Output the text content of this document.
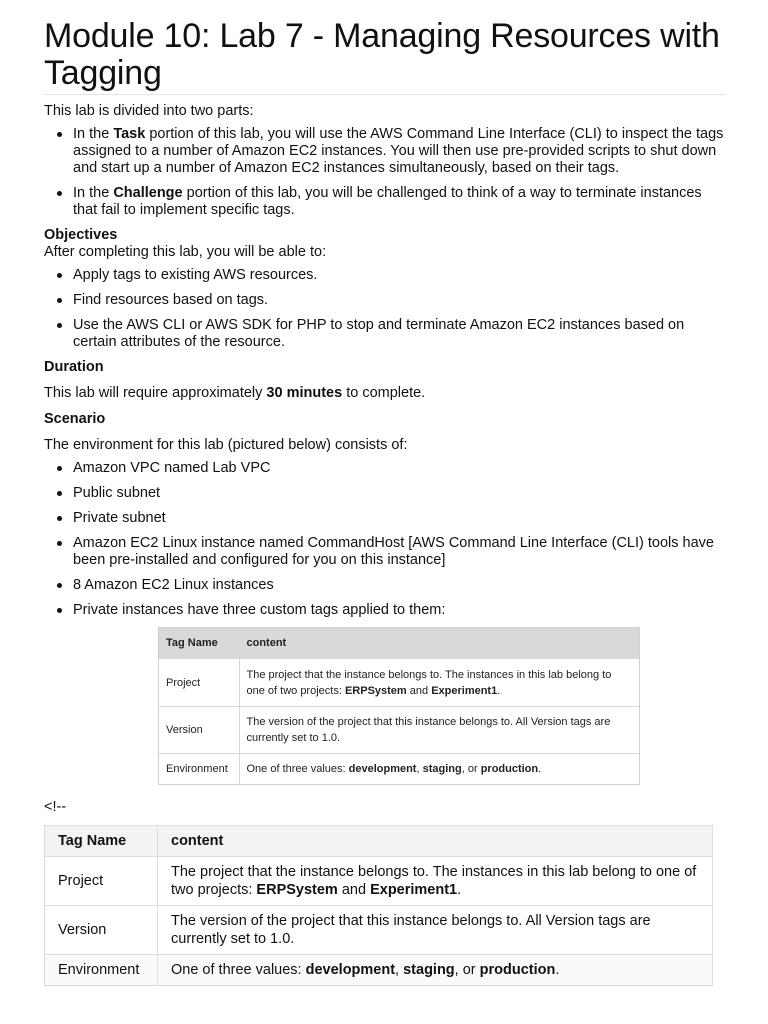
Module 10: Lab 7 - Managing Resources with Tagging

This lab is divided into two parts:

In the Task portion of this lab, you will use the AWS Command Line Interface (CLI) to inspect the tags assigned to a number of Amazon EC2 instances. You will then use pre-provided scripts to shut down and start up a number of Amazon EC2 instances simultaneously, based on their tags.
In the Challenge portion of this lab, you will be challenged to think of a way to terminate instances that fail to implement specific tags.
Objectives

After completing this lab, you will be able to:

Apply tags to existing AWS resources.
Find resources based on tags.
Use the AWS CLI or AWS SDK for PHP to stop and terminate Amazon EC2 instances based on certain attributes of the resource.
Duration

This lab will require approximately 30 minutes to complete.

Scenario

The environment for this lab (pictured below) consists of:

Amazon VPC named Lab VPC
Public subnet
Private subnet
Amazon EC2 Linux instance named CommandHost [AWS Command Line Interface (CLI) tools have been pre-installed and configured for you on this instance]
8 Amazon EC2 Linux instances
Private instances have three custom tags applied to them:
Tag Name	content
Project	The project that the instance belongs to. The instances in this lab belong to one of two projects: ERPSystem and Experiment1.
Version	The version of the project that this instance belongs to. All Version tags are currently set to 1.0.
Environment	One of three values: development, staging, or production.
<!--
Tag Name	content
Project	The project that the instance belongs to. The instances in this lab belong to one of two projects: ERPSystem and Experiment1.
Version	The version of the project that this instance belongs to. All Version tags are currently set to 1.0.
Environment	One of three values: development, staging, or production.
